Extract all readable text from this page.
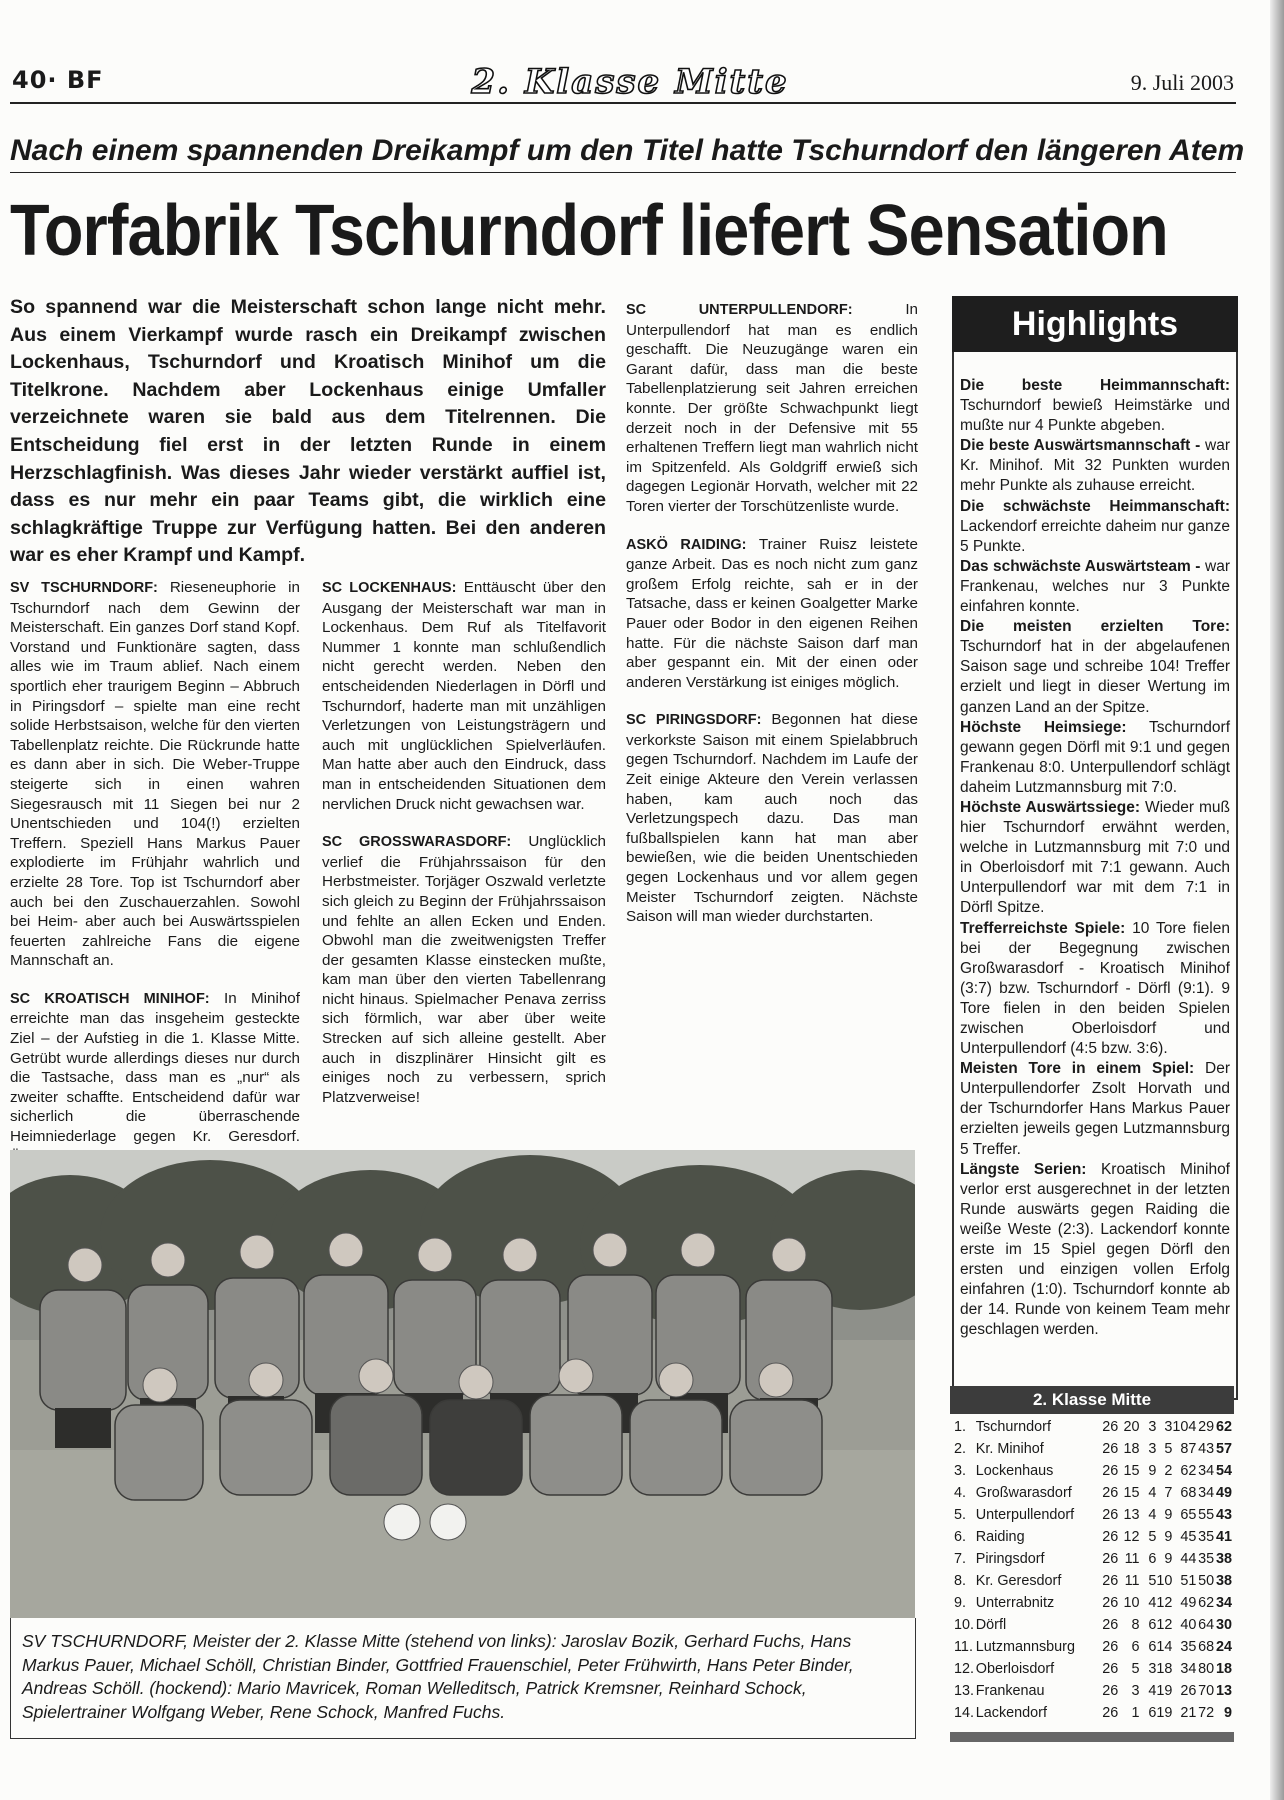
40· BF	2. Klasse Mitte	9. Juli 2003
Nach einem spannenden Dreikampf um den Titel hatte Tschurndorf den längeren Atem
Torfabrik Tschurndorf liefert Sensation
So spannend war die Meisterschaft schon lange nicht mehr. Aus einem Vierkampf wurde rasch ein Dreikampf zwischen Lockenhaus, Tschurndorf und Kroatisch Minihof um die Titelkrone. Nachdem aber Lockenhaus einige Umfaller verzeichnete waren sie bald aus dem Titelrennen. Die Entscheidung fiel erst in der letzten Runde in einem Herzschlagfinish. Was dieses Jahr wieder verstärkt auffiel ist, dass es nur mehr ein paar Teams gibt, die wirklich eine schlagkräftige Truppe zur Verfügung hatten. Bei den anderen war es eher Krampf und Kampf.

SV TSCHURNDORF: Rieseneuphorie in Tschurndorf nach dem Gewinn der Meisterschaft. Ein ganzes Dorf stand Kopf. Vorstand und Funktionäre sagten, dass alles wie im Traum ablief. Nach einem sportlich eher traurigem Beginn – Abbruch in Piringsdorf – spielte man eine recht solide Herbstsaison, welche für den vierten Tabellenplatz reichte. Die Rückrunde hatte es dann aber in sich. Die Weber-Truppe steigerte sich in einen wahren Siegesrausch mit 11 Siegen bei nur 2 Unentschieden und 104(!) erzielten Treffern. Speziell Hans Markus Pauer explodierte im Frühjahr wahrlich und erzielte 28 Tore. Top ist Tschurndorf aber auch bei den Zuschauerzahlen. Sowohl bei Heim- aber auch bei Auswärtsspielen feuerten zahlreiche Fans die eigene Mannschaft an.

SC KROATISCH MINIHOF: In Minihof erreichte man das insgeheim gesteckte Ziel – der Aufstieg in die 1. Klasse Mitte. Getrübt wurde allerdings dieses nur durch die Tastsache, dass man es „nur“ als zweiter schaffte. Entscheidend dafür war sicherlich die überraschende Heimniederlage gegen Kr. Geresdorf.

SC LOCKENHAUS: Enttäuscht über den Ausgang der Meisterschaft war man in Lockenhaus. Dem Ruf als Titelfavorit Nummer 1 konnte man schlußendlich nicht gerecht werden. Neben den entscheidenden Niederlagen in Dörfl und Tschurndorf, haderte man mit unzähligen Verletzungen von Leistungsträgern und auch mit unglücklichen Spielverläufen. Man hatte aber auch den Eindruck, dass man in entscheidenden Situationen dem nervlichen Druck nicht gewachsen war.

SC GROSSWARASDORF: Unglücklich verlief die Frühjahrssaison für den Herbstmeister. Torjäger Oszwald verletzte sich gleich zu Beginn der Frühjahrssaison und fehlte an allen Ecken und Enden. Obwohl man die zweitwenigsten Treffer der gesamten Klasse einstecken mußte, kam man über den vierten Tabellenrang nicht hinaus. Spielmacher Penava zerriss sich förmlich, war aber über weite Strecken auf sich alleine gestellt. Aber auch in diszplinärer Hinsicht gilt es einiges noch zu verbessern, sprich Platzverweise!

SC UNTERPULLENDORF:	In Unterpullendorf hat man es endlich geschafft. Die Neuzugänge waren ein Garant dafür, dass man die beste Tabellenplatzierung seit Jahren erreichen konnte. Der größte Schwachpunkt liegt derzeit noch in der Defensive mit 55 erhaltenen Treffern liegt man wahrlich nicht im Spitzenfeld. Als Goldgriff erwieß sich dagegen Legionär Horvath, welcher mit 22 Toren vierter der Torschützenliste wurde.

ASKÖ RAIDING: Trainer Ruisz leistete ganze Arbeit. Das es noch nicht zum ganz großem Erfolg reichte, sah er in der Tatsache, dass er keinen Goalgetter Marke Pauer oder Bodor in den eigenen Reihen hatte. Für die nächste Saison darf man aber gespannt ein. Mit der einen oder anderen Verstärkung ist einiges möglich.

SC PIRINGSDORF: Begonnen hat diese verkorkste Saison mit einem Spielabbruch gegen Tschurndorf. Nachdem im Laufe der Zeit einige Akteure den Verein verlassen haben, kam auch noch das Verletzungspech dazu. Das man fußballspielen kann hat man aber bewießen, wie die beiden Unentschieden gegen Lockenhaus und vor allem gegen Meister Tschurndorf zeigten. Nächste Saison will man wieder durchstarten.

Highlights

Die beste Heimmannschaft: Tschurndorf bewieß Heimstärke und mußte nur 4 Punkte abgeben.

Die beste Auswärtsmannschaft - war Kr. Minihof. Mit 32 Punkten wurden mehr Punkte als zuhause erreicht.

Die schwächste Heimmanschaft: Lackendorf erreichte daheim nur ganze 5 Punkte.

Das schwächste Auswärtsteam - war Frankenau, welches nur 3 Punkte einfahren konnte.

Die meisten erzielten Tore: Tschurndorf hat in der abgelaufenen Saison sage und schreibe 104! Treffer erzielt und liegt in dieser Wertung im ganzen Land an der Spitze.

Höchste Heimsiege: Tschurndorf gewann gegen Dörfl mit 9:1 und gegen Frankenau 8:0. Unterpullendorf schlägt daheim Lutzmannsburg mit 7:0.

Höchste Auswärtssiege: Wieder muß hier Tschurndorf erwähnt werden, welche in Lutzmannsburg mit 7:0 und in Oberloisdorf mit 7:1 gewann. Auch Unterpullendorf war mit dem 7:1 in Dörfl Spitze.

Trefferreichste Spiele: 10 Tore fielen bei der Begegnung zwischen Großwarasdorf - Kroatisch Minihof (3:7) bzw. Tschurndorf - Dörfl (9:1). 9 Tore fielen in den beiden Spielen zwischen Oberloisdorf und Unterpullendorf (4:5 bzw. 3:6).

Meisten Tore in einem Spiel: Der Unterpullendorfer Zsolt Horvath und der Tschurndorfer Hans Markus Pauer erzielten jeweils gegen Lutzmannsburg 5 Treffer.

Längste Serien: Kroatisch Minihof verlor erst ausgerechnet in der letzten Runde auswärts gegen Raiding die weiße Weste (2:3). Lackendorf konnte erste im 15 Spiel gegen Dörfl den ersten und einzigen vollen Erfolg einfahren (1:0). Tschurndorf konnte ab der 14. Runde von keinem Team mehr geschlagen werden.

SV TSCHURNDORF, Meister der 2. Klasse Mitte (stehend von links): Jaroslav Bozik, Gerhard Fuchs, Hans Markus Pauer, Michael Schöll, Christian Binder, Gottfried Frauenschiel, Peter Frühwirth, Hans Peter Binder, Andreas Schöll. (hockend): Mario Mavricek, Roman Welleditsch, Patrick Kremsner, Reinhard Schock, Spielertrainer Wolfgang Weber, Rene Schock, Manfred Fuchs.
2. Klasse Mitte
1.	Tschurndorf	26	20	3	3	104	29	62
2.	Kr. Minihof	26	18	3	5	87	43	57
3.	Lockenhaus	26	15	9	2	62	34	54
4.	Großwarasdorf	26	15	4	7	68	34	49
5.	Unterpullendorf	26	13	4	9	65	55	43
6.	Raiding	26	12	5	9	45	35	41
7.	Piringsdorf	26	11	6	9	44	35	38
8.	Kr. Geresdorf	26	11	5	10	51	50	38
9.	Unterrabnitz	26	10	4	12	49	62	34
10.	Dörfl	26	8	6	12	40	64	30
11.	Lutzmannsburg	26	6	6	14	35	68	24
12.	Oberloisdorf	26	5	3	18	34	80	18
13.	Frankenau	26	3	4	19	26	70	13
14.	Lackendorf	26	1	6	19	21	72	9
